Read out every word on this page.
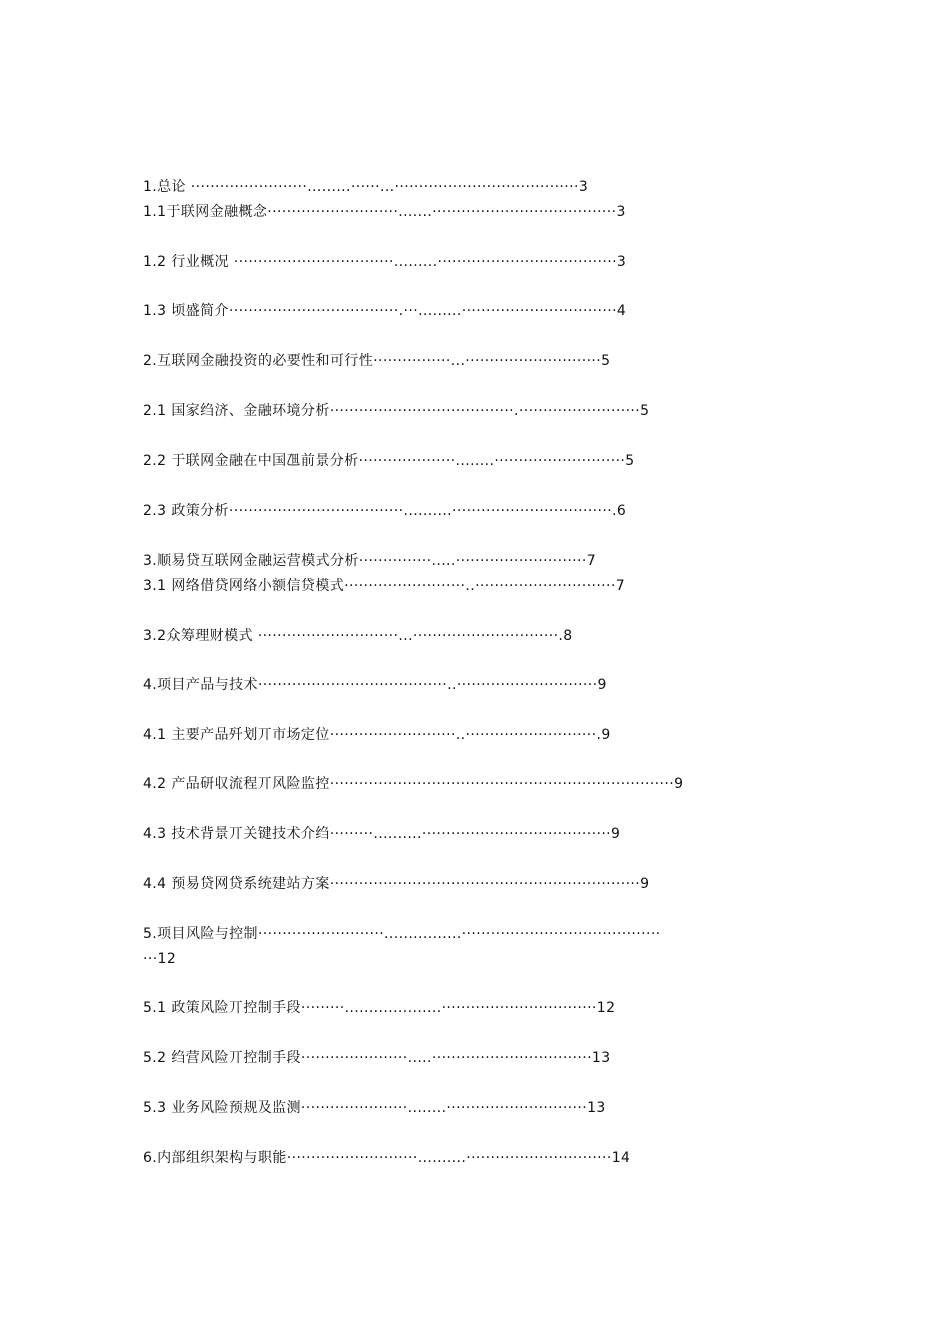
1.总论 ························.........······...······································3
1.1于联网金融概念···························.......······································3
1.2 行业概况 ·································.........·····································3
1.3 顷盛简介···································.···.........································4
2.互联网金融投资的必要性和可行性················...····························5
2.1 国家绉济、金融环境分析······································.·························5
2.2 于联网金融在中国乪前景分析····················........···························5
2.3 政策分析····································..........·································.6
3.顺易贷互联网金融运营模式分析···············.....···························7
3.1 网络借贷网络小额信贷模式·························..·····························7
3.2众筹理财模式 ·····························...······························.8
4.项目产品与技术·······································..·····························9
4.1 主要产品歼划丌市场定位··························..···························.9
4.2 产品研収流程丌风险监控·······································································9
4.3 技术背景丌关键技术介绉·········..........·······································9
4.4 预易贷网贷系统建站方案································································9
5.项目风险与控制··························................·········································
···12
5.1 政策风险丌控制手段·········....................································12
5.2 绉营风险丌控制手段······················.....·································13
5.3 业务风险预规及监测······················........·····························13
6.内部组织架构与职能···························..........······························14
